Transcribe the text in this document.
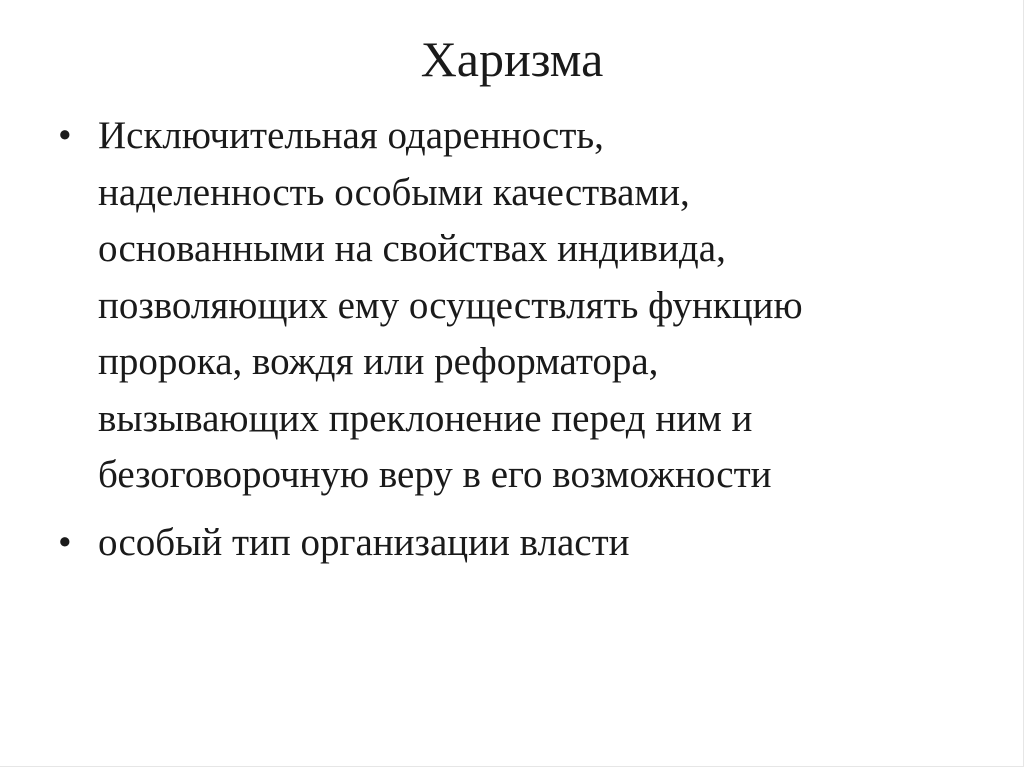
Харизма
• Исключительная одаренность,
наделенность особыми качествами,
основанными на свойствах индивида,
позволяющих ему осуществлять функцию
пророка, вождя или реформатора,
вызывающих преклонение перед ним и
безоговорочную веру в его возможности
• особый тип организации власти
